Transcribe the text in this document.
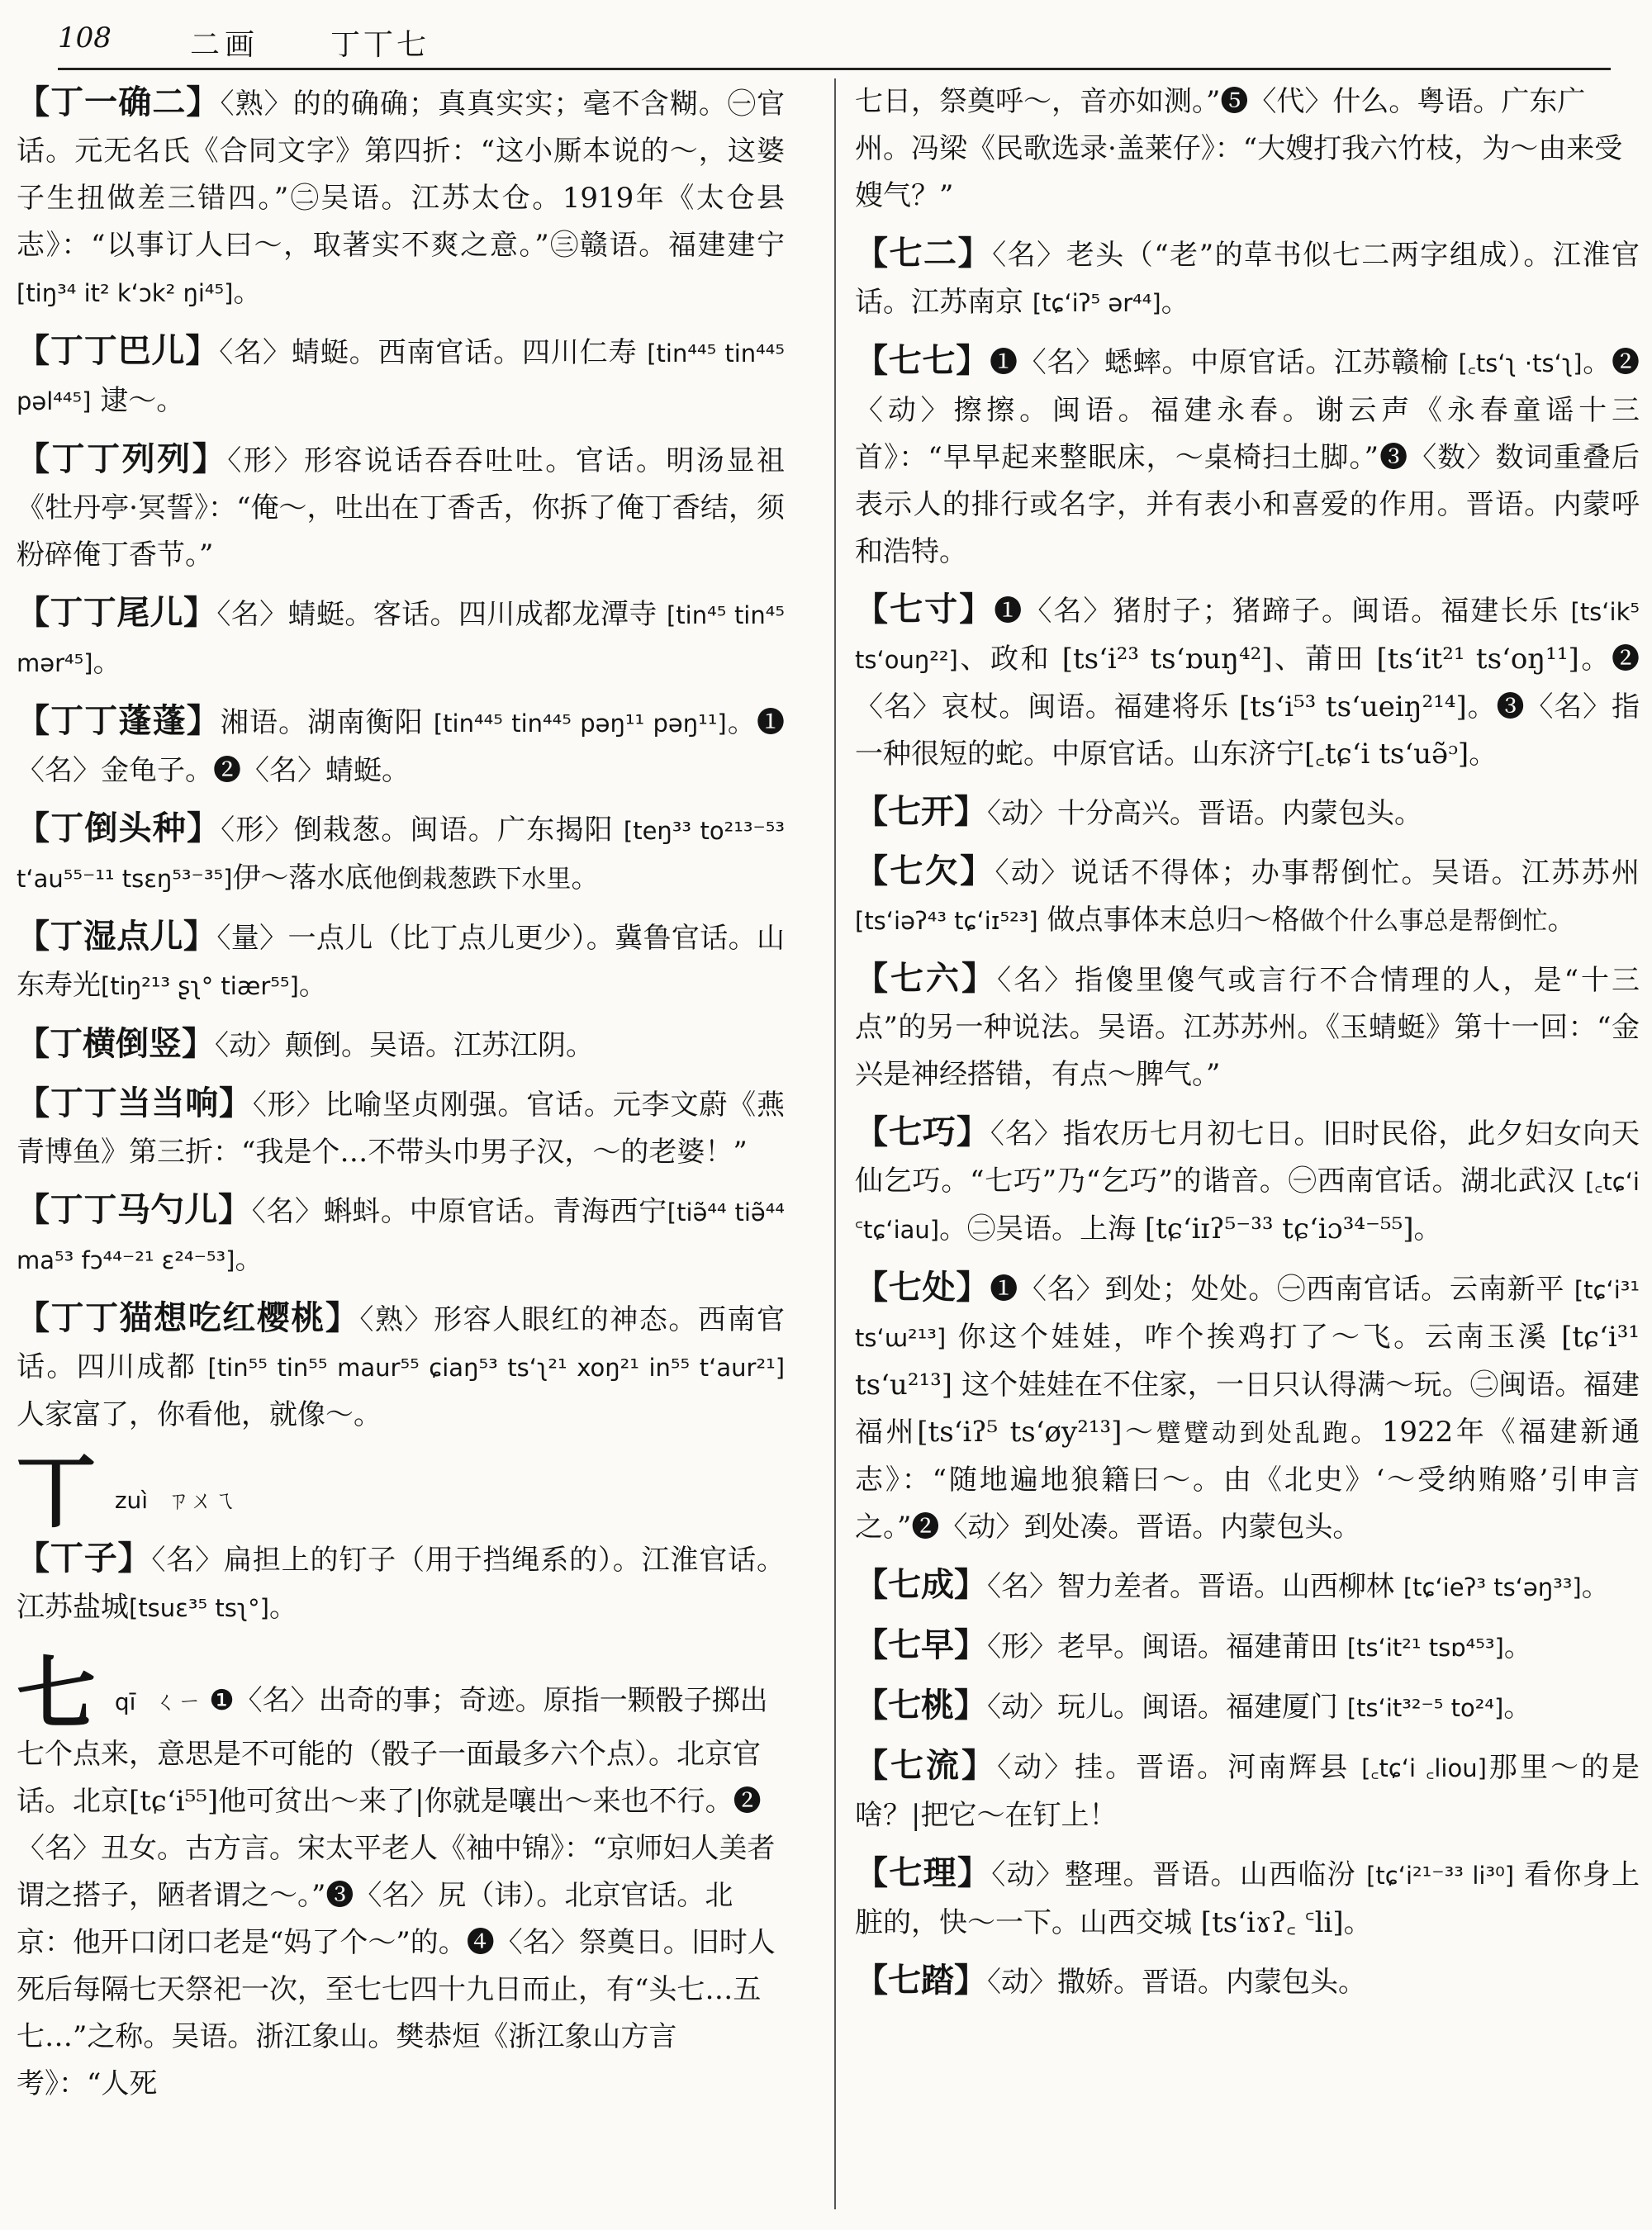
108	二画 丁丅七
【丁一确二】〈熟〉的的确确；真真实实；毫不含糊。㊀官话。元无名氏《合同文字》第四折：“这小厮本说的～，这婆子生扭做差三错四。”㊁吴语。江苏太仓。1919年《太仓县志》：“以事订人曰～，取著实不爽之意。”㊂赣语。福建建宁 [tiŋ³⁴ it² k‘ɔk² ŋi⁴⁵]。
【丁丁巴儿】〈名〉蜻蜓。西南官话。四川仁寿 [tin⁴⁴⁵ tin⁴⁴⁵ pəl⁴⁴⁵] 逮～。
【丁丁列列】〈形〉形容说话吞吞吐吐。官话。明汤显祖《牡丹亭·冥誓》：“俺～，吐出在丁香舌，你拆了俺丁香结，须粉碎俺丁香节。”
【丁丁尾儿】〈名〉蜻蜓。客话。四川成都龙潭寺 [tin⁴⁵ tin⁴⁵ mər⁴⁵]。
【丁丁蓬蓬】湘语。湖南衡阳 [tin⁴⁴⁵ tin⁴⁴⁵ pəŋ¹¹ pəŋ¹¹]。❶〈名〉金龟子。❷〈名〉蜻蜓。
【丁倒头种】〈形〉倒栽葱。闽语。广东揭阳 [teŋ³³ to²¹³⁻⁵³ t‘au⁵⁵⁻¹¹ tsɛŋ⁵³⁻³⁵]伊～落水底他倒栽葱跌下水里。
【丁湿点儿】〈量〉一点儿（比丁点儿更少）。冀鲁官话。山东寿光[tiŋ²¹³ ʂʅ° tiær⁵⁵]。
【丁横倒竖】〈动〉颠倒。吴语。江苏江阴。
【丁丁当当响】〈形〉比喻坚贞刚强。官话。元李文蔚《燕青博鱼》第三折：“我是个…不带头巾男子汉，～的老婆！”
【丁丁马勺儿】〈名〉蝌蚪。中原官话。青海西宁[tiə̃⁴⁴ tiə̃⁴⁴ ma⁵³ fɔ⁴⁴⁻²¹ ɛ²⁴⁻⁵³]。
【丁丁猫想吃红樱桃】〈熟〉形容人眼红的神态。西南官话。四川成都 [tin⁵⁵ tin⁵⁵ maur⁵⁵ ɕiaŋ⁵³ ts‘ʅ²¹ xoŋ²¹ in⁵⁵ t‘aur²¹] 人家富了，你看他，就像～。
丅 zuì ㄗㄨㄟ
【丅子】〈名〉扁担上的钉子（用于挡绳系的）。江淮官话。江苏盐城[tsuɛ³⁵ tsʅ°]。
七 qī ㄑㄧ ❶〈名〉出奇的事；奇迹。原指一颗骰子掷出七个点来，意思是不可能的（骰子一面最多六个点）。北京官话。北京[tɕ‘i⁵⁵]他可贫出～来了|你就是嚷出～来也不行。❷〈名〉丑女。古方言。宋太平老人《袖中锦》：“京师妇人美者谓之搭子，陋者谓之～。”❸〈名〉尻（讳）。北京官话。北京：他开口闭口老是“妈了个～”的。❹〈名〉祭奠日。旧时人死后每隔七天祭祀一次，至七七四十九日而止，有“头七…五七…”之称。吴语。浙江象山。樊恭烜《浙江象山方言考》：“人死
七日，祭奠呼～，音亦如测。”❺〈代〉什么。粤语。广东广州。冯梁《民歌选录·盖莱仔》：“大嫂打我六竹枝，为～由来受嫂气？”
【七二】〈名〉老头（“老”的草书似七二两字组成）。江淮官话。江苏南京 [tɕ‘iʔ⁵ ər⁴⁴]。
【七七】❶〈名〉蟋蟀。中原官话。江苏赣榆 [꜀ts‘ʅ ·ts‘ʅ]。❷〈动〉擦擦。闽语。福建永春。谢云声《永春童谣十三首》：“早早起来整眠床，～桌椅扫土脚。”❸〈数〉数词重叠后表示人的排行或名字，并有表小和喜爱的作用。晋语。内蒙呼和浩特。
【七寸】❶〈名〉猪肘子；猪蹄子。闽语。福建长乐 [ts‘ik⁵ ts‘ouŋ²²]、政和 [ts‘i²³ ts‘ɒuŋ⁴²]、莆田 [ts‘it²¹ ts‘oŋ¹¹]。❷〈名〉哀杖。闽语。福建将乐 [ts‘i⁵³ ts‘ueiŋ²¹⁴]。❸〈名〉指一种很短的蛇。中原官话。山东济宁[꜀tɕ‘i ts‘uə̃ᵓ]。
【七开】〈动〉十分高兴。晋语。内蒙包头。
【七欠】〈动〉说话不得体；办事帮倒忙。吴语。江苏苏州 [ts‘iəʔ⁴³ tɕ‘iɪ⁵²³] 做点事体末总归～格做个什么事总是帮倒忙。
【七六】〈名〉指傻里傻气或言行不合情理的人，是“十三点”的另一种说法。吴语。江苏苏州。《玉蜻蜓》第十一回：“金兴是神经搭错，有点～脾气。”
【七巧】〈名〉指农历七月初七日。旧时民俗，此夕妇女向天仙乞巧。“七巧”乃“乞巧”的谐音。㊀西南官话。湖北武汉 [꜀tɕ‘i ꜂tɕ‘iau]。㊁吴语。上海 [tɕ‘iɪʔ⁵⁻³³ tɕ‘iɔ³⁴⁻⁵⁵]。
【七处】❶〈名〉到处；处处。㊀西南官话。云南新平 [tɕ‘i³¹ ts‘ɯ²¹³] 你这个娃娃，咋个挨鸡打了～飞。云南玉溪 [tɕ‘i³¹ ts‘u²¹³] 这个娃娃在不住家，一日只认得满～玩。㊁闽语。福建福州[ts‘iʔ⁵ ts‘øy²¹³]～躄躄动到处乱跑。1922年《福建新通志》：“随地遍地狼籍曰～。由《北史》‘～受纳贿赂’引申言之。”❷〈动〉到处凑。晋语。内蒙包头。
【七成】〈名〉智力差者。晋语。山西柳林 [tɕ‘ieʔ³ ts‘əŋ³³]。
【七早】〈形〉老早。闽语。福建莆田 [ts‘it²¹ tsɒ⁴⁵³]。
【七桃】〈动〉玩儿。闽语。福建厦门 [ts‘it³²⁻⁵ to²⁴]。
【七流】〈动〉挂。晋语。河南辉县 [꜀tɕ‘i ꜀liou]那里～的是啥？|把它～在钉上！
【七理】〈动〉整理。晋语。山西临汾 [tɕ‘i²¹⁻³³ li³⁰] 看你身上脏的，快～一下。山西交城 [ts‘iɤʔ꜀ ꜂li]。
【七踏】〈动〉撒娇。晋语。内蒙包头。
